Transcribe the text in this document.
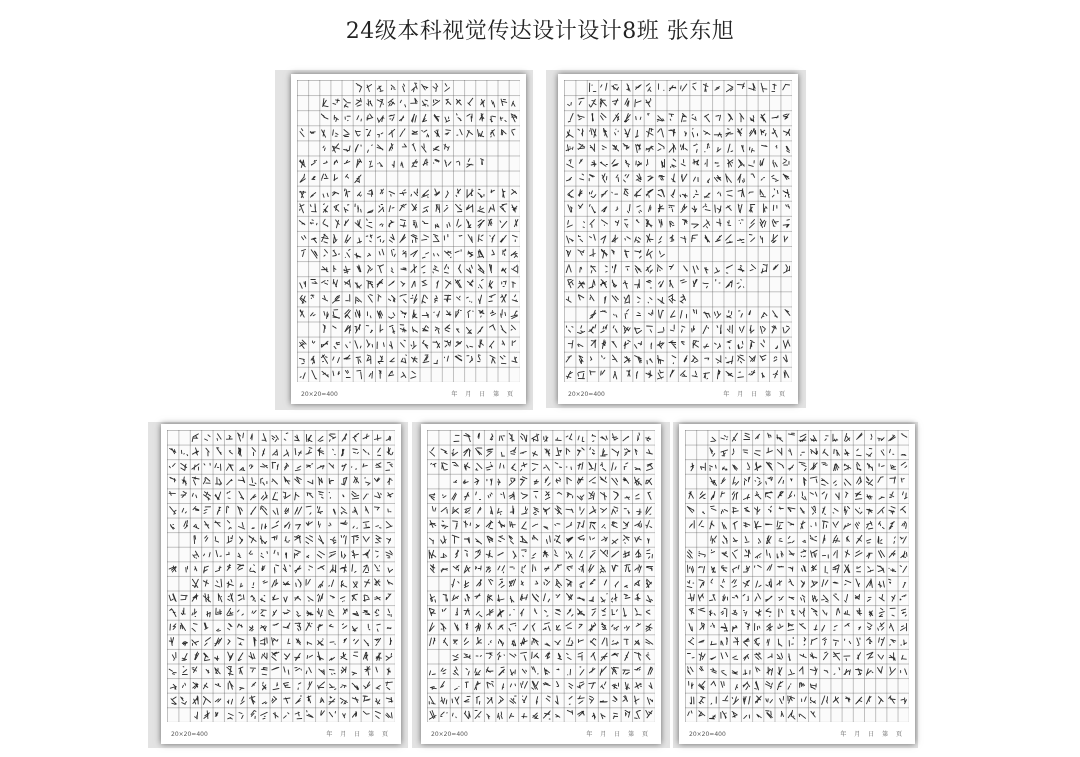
24级本科视觉传达设计设计8班 张东旭
20×20=400	年 月 日 第 页	20×20=400	年 月 日 第 页
20×20=400	年 月 日 第 页	20×20=400	年 月 日 第 页	20×20=400	年 月 日 第 页
